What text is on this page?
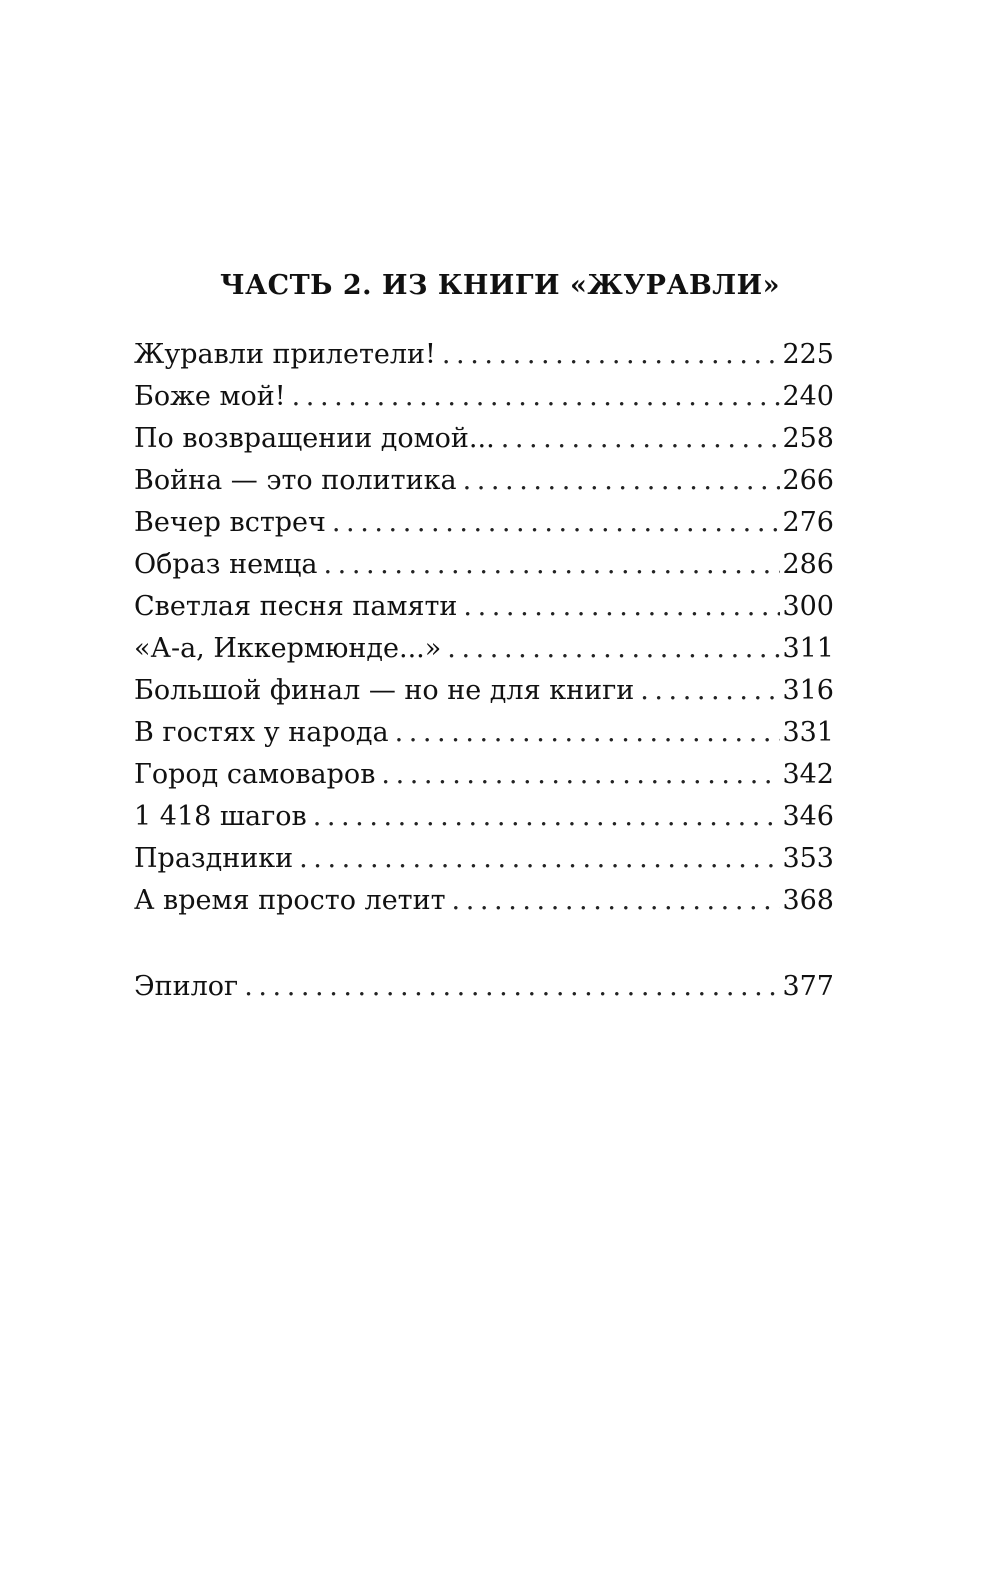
ЧАСТЬ 2. ИЗ КНИГИ «ЖУРАВЛИ»
Журавли прилетели! . . .	225
Боже мой! . . .	240
По возвращении домой... . . .	258
Война — это политика . . .	266
Вечер встреч . . .	276
Образ немца . . .	286
Светлая песня памяти . . .	300
«А-а, Иккермюнде...» . . .	311
Большой финал — но не для книги . . .	316
В гостях у народа . . .	331
Город самоваров . . .	342
1 418 шагов . . .	346
Праздники . . .	353
А время просто летит . . .	368
Эпилог . . .	377
